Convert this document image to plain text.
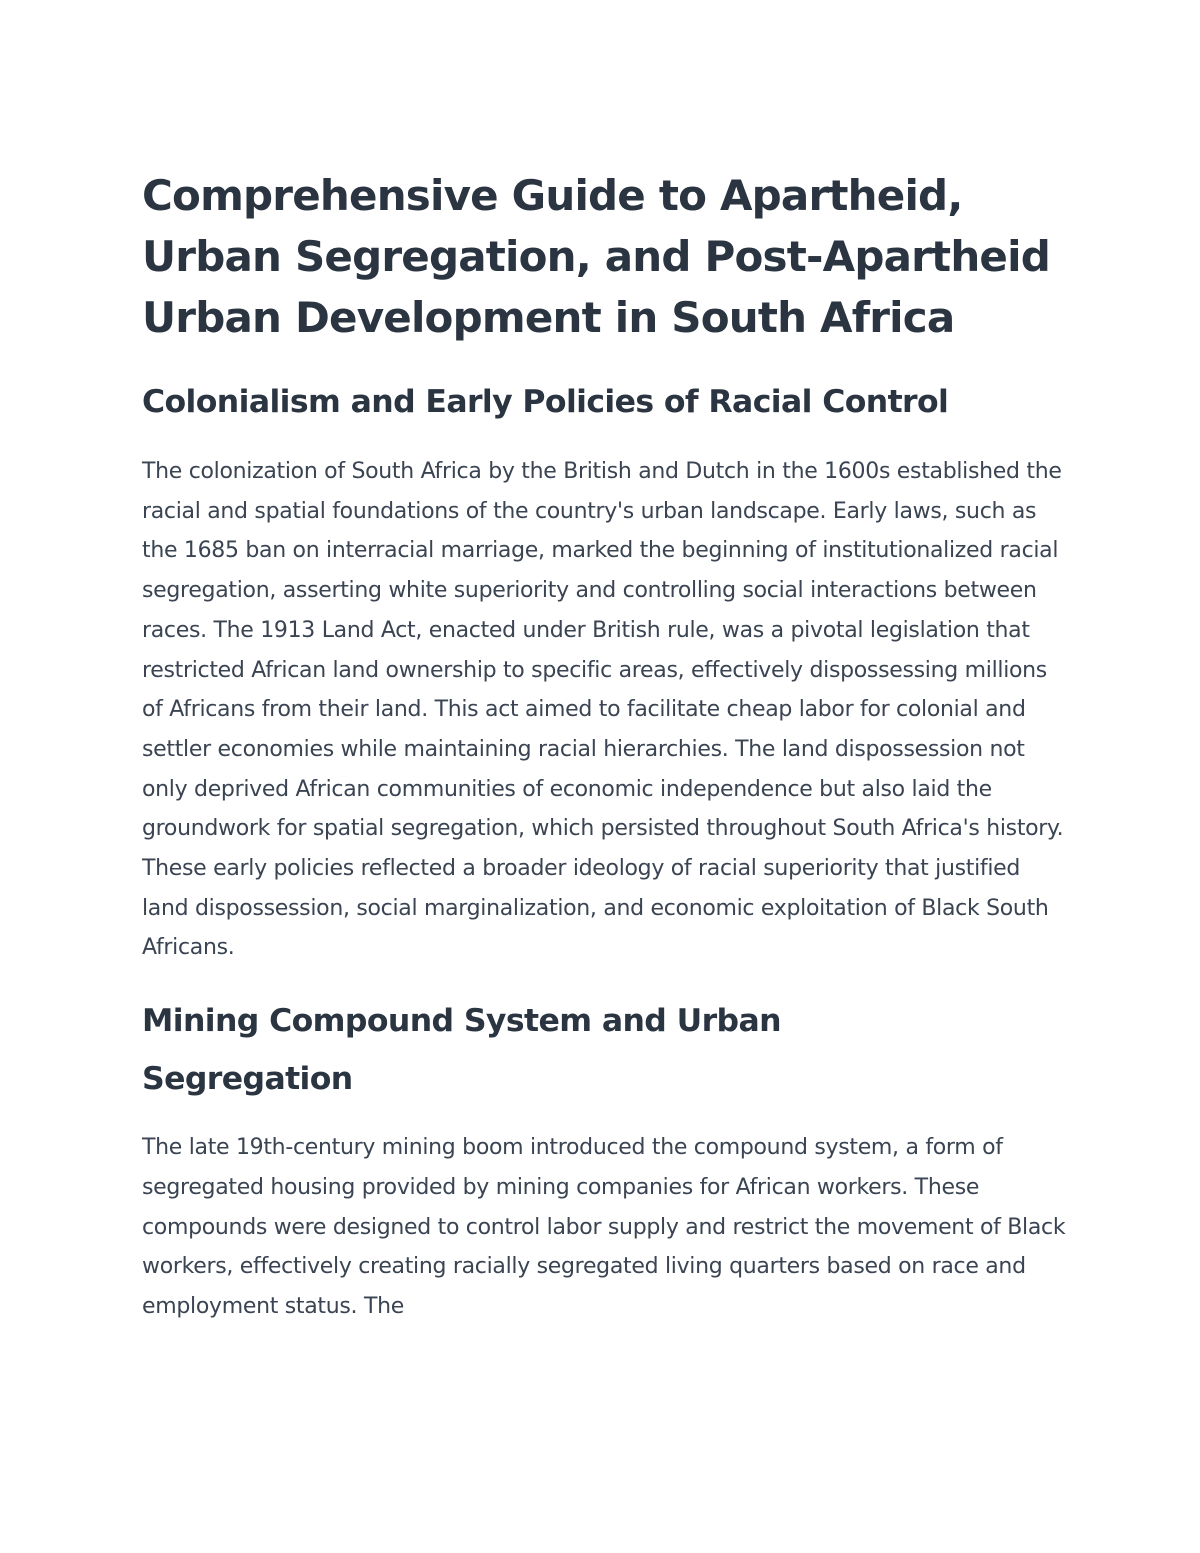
Comprehensive Guide to Apartheid, Urban Segregation, and Post-Apartheid Urban Development in South Africa
Colonialism and Early Policies of Racial Control

The colonization of South Africa by the British and Dutch in the 1600s established the racial and spatial foundations of the country's urban landscape. Early laws, such as the 1685 ban on interracial marriage, marked the beginning of institutionalized racial segregation, asserting white superiority and controlling social interactions between races. The 1913 Land Act, enacted under British rule, was a pivotal legislation that restricted African land ownership to specific areas, effectively dispossessing millions of Africans from their land. This act aimed to facilitate cheap labor for colonial and settler economies while maintaining racial hierarchies. The land dispossession not only deprived African communities of economic independence but also laid the groundwork for spatial segregation, which persisted throughout South Africa's history. These early policies reflected a broader ideology of racial superiority that justified land dispossession, social marginalization, and economic exploitation of Black South Africans.

Mining Compound System and Urban Segregation

The late 19th-century mining boom introduced the compound system, a form of segregated housing provided by mining companies for African workers. These compounds were designed to control labor supply and restrict the movement of Black workers, effectively creating racially segregated living quarters based on race and employment status. The
